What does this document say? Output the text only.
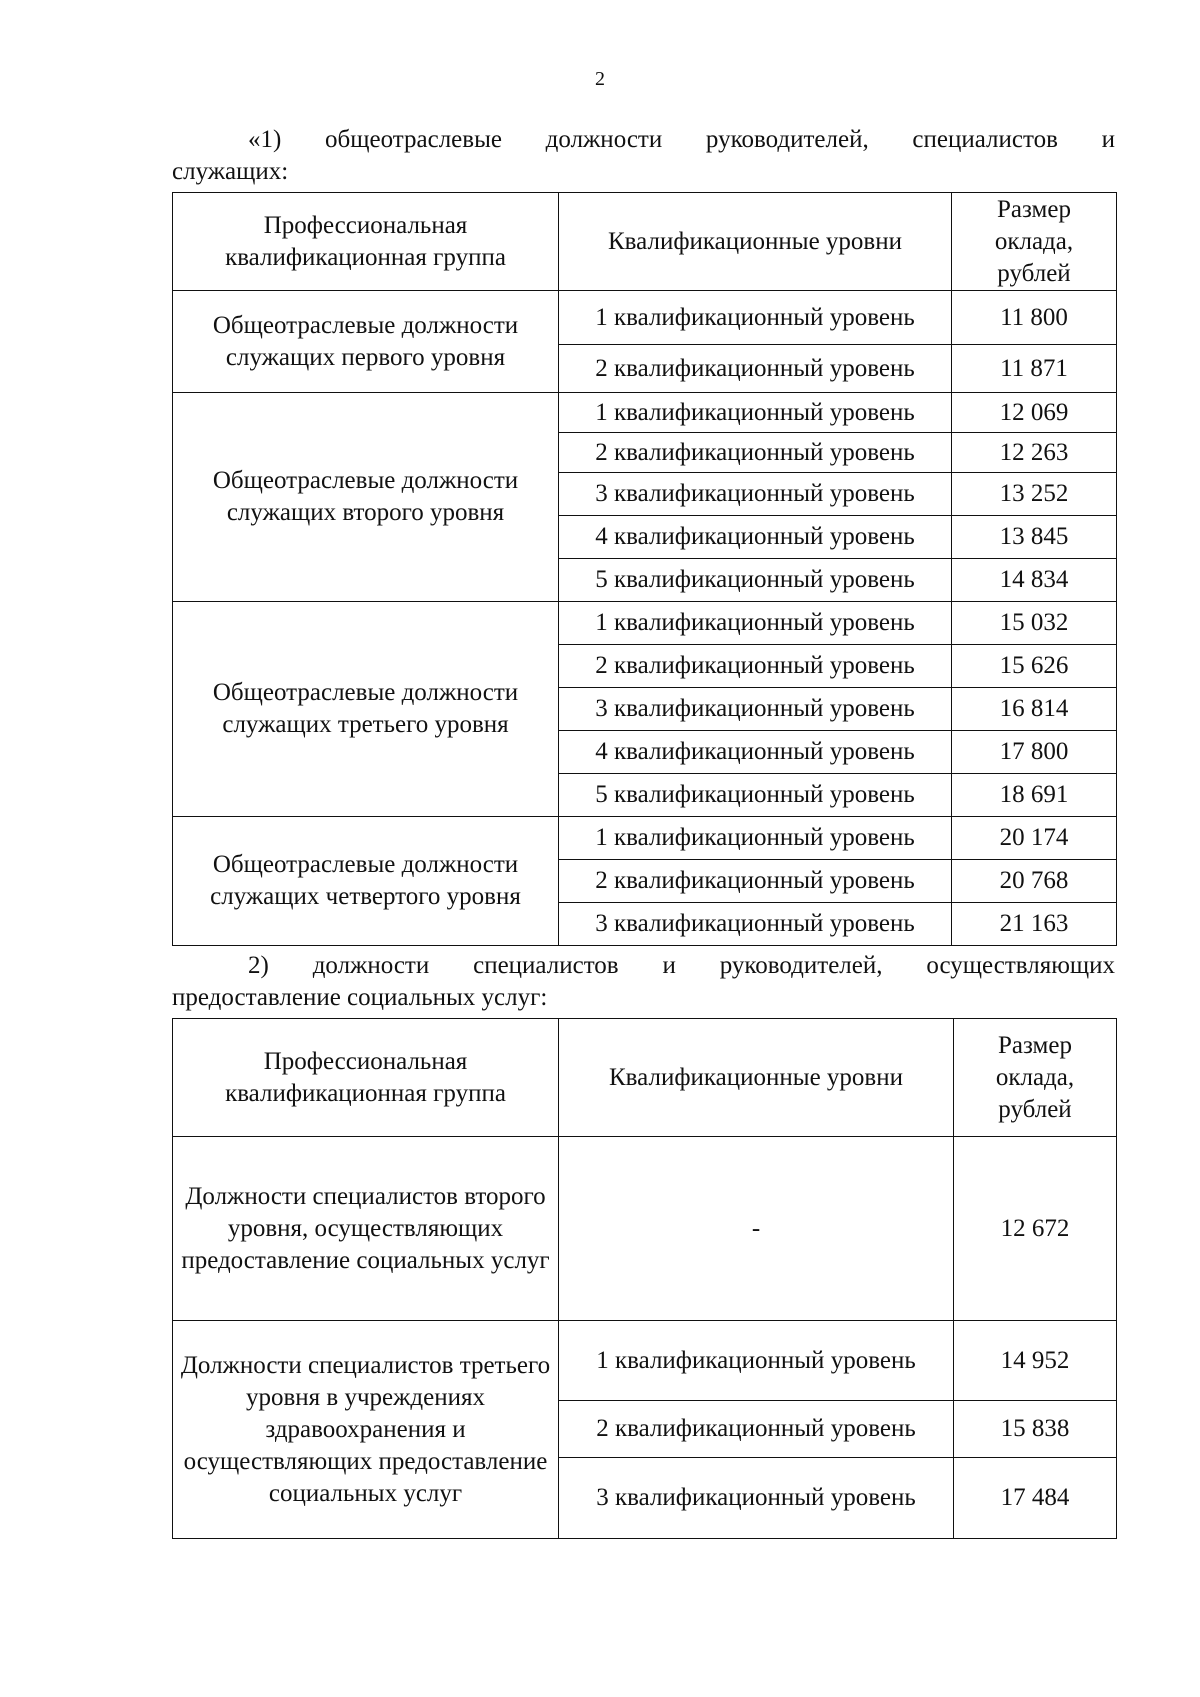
2
«1) общеотраслевые должности руководителей, специалистов и
служащих:
Профессиональная квалификационная группа	Квалификационные уровни	Размер оклада, рублей
Общеотраслевые должности служащих первого уровня	1 квалификационный уровень	11 800
	2 квалификационный уровень	11 871
Общеотраслевые должности служащих второго уровня	1 квалификационный уровень	12 069
	2 квалификационный уровень	12 263
	3 квалификационный уровень	13 252
	4 квалификационный уровень	13 845
	5 квалификационный уровень	14 834
Общеотраслевые должности служащих третьего уровня	1 квалификационный уровень	15 032
	2 квалификационный уровень	15 626
	3 квалификационный уровень	16 814
	4 квалификационный уровень	17 800
	5 квалификационный уровень	18 691
Общеотраслевые должности служащих четвертого уровня	1 квалификационный уровень	20 174
	2 квалификационный уровень	20 768
	3 квалификационный уровень	21 163
2) должности специалистов и руководителей, осуществляющих
предоставление социальных услуг:
Профессиональная квалификационная группа	Квалификационные уровни	Размер оклада, рублей
Должности специалистов второго уровня, осуществляющих предоставление социальных услуг	-	12 672
Должности специалистов третьего уровня в учреждениях здравоохранения и осуществляющих предоставление социальных услуг	1 квалификационный уровень	14 952
	2 квалификационный уровень	15 838
	3 квалификационный уровень	17 484
